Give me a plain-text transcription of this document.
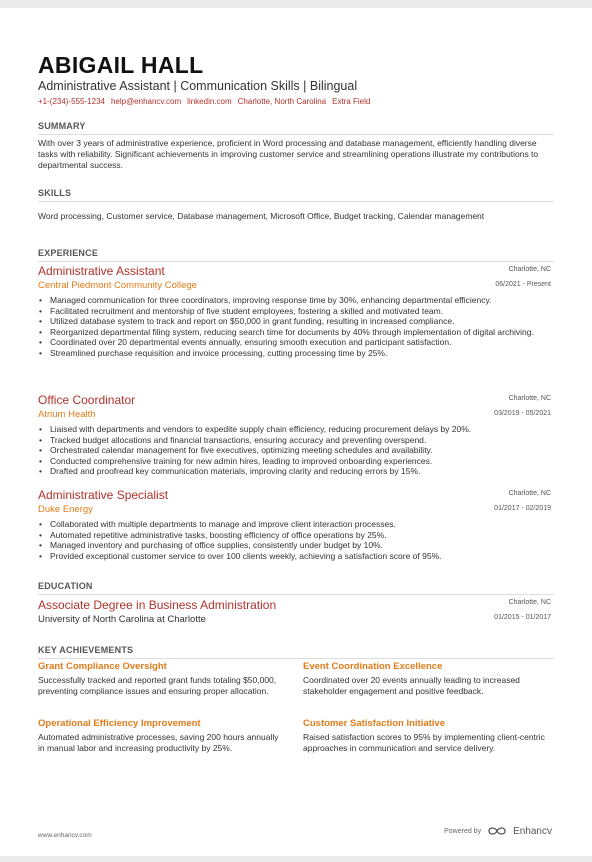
ABIGAIL HALL
Administrative Assistant | Communication Skills | Bilingual
+1-(234)-555-1234 help@enhancv.com linkedin.com Charlotte, North Carolina Extra Field
SUMMARY
With over 3 years of administrative experience, proficient in Word processing and database management, efficiently handling diverse tasks with reliability. Significant achievements in improving customer service and streamlining operations illustrate my contributions to departmental success.
SKILLS
Word processing, Customer service, Database management, Microsoft Office, Budget tracking, Calendar management
EXPERIENCE
Administrative Assistant	Charlotte, NC
Central Piedmont Community College	06/2021 - Present
• Managed communication for three coordinators, improving response time by 30%, enhancing departmental efficiency.
• Facilitated recruitment and mentorship of five student employees, fostering a skilled and motivated team.
• Utilized database system to track and report on $50,000 in grant funding, resulting in increased compliance.
• Reorganized departmental filing system, reducing search time for documents by 40% through implementation of digital archiving.
• Coordinated over 20 departmental events annually, ensuring smooth execution and participant satisfaction.
• Streamlined purchase requisition and invoice processing, cutting processing time by 25%.
Office Coordinator	Charlotte, NC
Atrium Health	03/2019 - 05/2021
• Liaised with departments and vendors to expedite supply chain efficiency, reducing procurement delays by 20%.
• Tracked budget allocations and financial transactions, ensuring accuracy and preventing overspend.
• Orchestrated calendar management for five executives, optimizing meeting schedules and availability.
• Conducted comprehensive training for new admin hires, leading to improved onboarding experiences.
• Drafted and proofread key communication materials, improving clarity and reducing errors by 15%.
Administrative Specialist	Charlotte, NC
Duke Energy	01/2017 - 02/2019
• Collaborated with multiple departments to manage and improve client interaction processes.
• Automated repetitive administrative tasks, boosting efficiency of office operations by 25%.
• Managed inventory and purchasing of office supplies, consistently under budget by 10%.
• Provided exceptional customer service to over 100 clients weekly, achieving a satisfaction score of 95%.
EDUCATION
Associate Degree in Business Administration	Charlotte, NC
University of North Carolina at Charlotte	01/2015 - 01/2017
KEY ACHIEVEMENTS
Grant Compliance Oversight
Successfully tracked and reported grant funds totaling $50,000, preventing compliance issues and ensuring proper allocation.
Event Coordination Excellence
Coordinated over 20 events annually leading to increased stakeholder engagement and positive feedback.
Operational Efficiency Improvement
Automated administrative processes, saving 200 hours annually in manual labor and increasing productivity by 25%.
Customer Satisfaction Initiative
Raised satisfaction scores to 95% by implementing client-centric approaches in communication and service delivery.
www.enhancv.com
Powered by	Enhancv
